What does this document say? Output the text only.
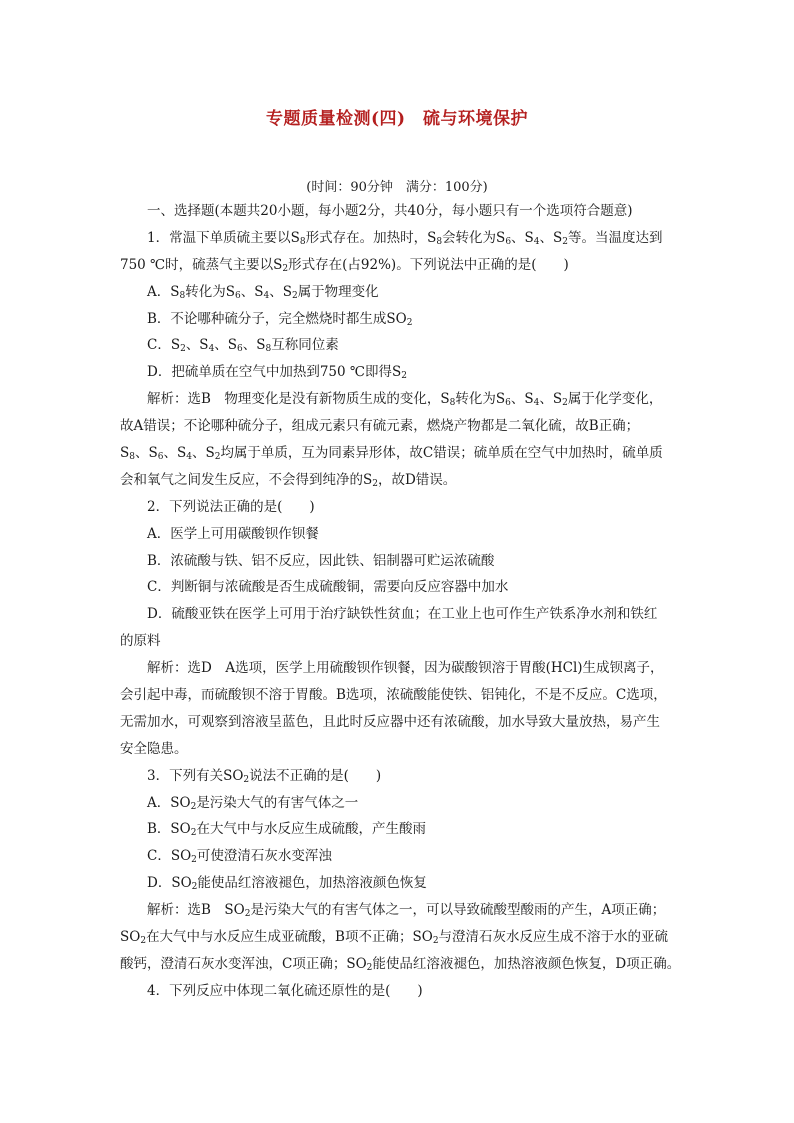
专题质量检测(四)　硫与环境保护
(时间：90分钟　满分：100分)
一、选择题(本题共20小题，每小题2分，共40分，每小题只有一个选项符合题意)
1．常温下单质硫主要以$S_8$形式存在。加热时，$S_8$会转化为$S_6$、$S_4$、$S_2$等。当温度达到
750 ℃时，硫蒸气主要以$S_2$形式存在(占92%)。下列说法中正确的是(　　)
A．$S_8$转化为$S_6$、$S_4$、$S_2$属于物理变化
B．不论哪种硫分子，完全燃烧时都生成$SO_2$
C．$S_2$、$S_4$、$S_6$、$S_8$互称同位素
D．把硫单质在空气中加热到750 ℃即得$S_2$
解析：选B　物理变化是没有新物质生成的变化，$S_8$转化为$S_6$、$S_4$、$S_2$属于化学变化，
故A错误；不论哪种硫分子，组成元素只有硫元素，燃烧产物都是二氧化硫，故B正确；
$S_8$、$S_6$、$S_4$、$S_2$均属于单质，互为同素异形体，故C错误；硫单质在空气中加热时，硫单质
会和氧气之间发生反应，不会得到纯净的$S_2$，故D错误。
2．下列说法正确的是(　　)
A．医学上可用碳酸钡作钡餐
B．浓硫酸与铁、铝不反应，因此铁、铝制器可贮运浓硫酸
C．判断铜与浓硫酸是否生成硫酸铜，需要向反应容器中加水
D．硫酸亚铁在医学上可用于治疗缺铁性贫血；在工业上也可作生产铁系净水剂和铁红
的原料
解析：选D　A选项，医学上用硫酸钡作钡餐，因为碳酸钡溶于胃酸(HCl)生成钡离子，
会引起中毒，而硫酸钡不溶于胃酸。B选项，浓硫酸能使铁、铝钝化，不是不反应。C选项，
无需加水，可观察到溶液呈蓝色，且此时反应器中还有浓硫酸，加水导致大量放热，易产生
安全隐患。
3．下列有关$SO_2$说法不正确的是(　　)
A．$SO_2$是污染大气的有害气体之一
B．$SO_2$在大气中与水反应生成硫酸，产生酸雨
C．$SO_2$可使澄清石灰水变浑浊
D．$SO_2$能使品红溶液褪色，加热溶液颜色恢复
解析：选B　$SO_2$是污染大气的有害气体之一，可以导致硫酸型酸雨的产生，A项正确；
$SO_2$在大气中与水反应生成亚硫酸，B项不正确；$SO_2$与澄清石灰水反应生成不溶于水的亚硫
酸钙，澄清石灰水变浑浊，C项正确；$SO_2$能使品红溶液褪色，加热溶液颜色恢复，D项正确。
4．下列反应中体现二氧化硫还原性的是(　　)
